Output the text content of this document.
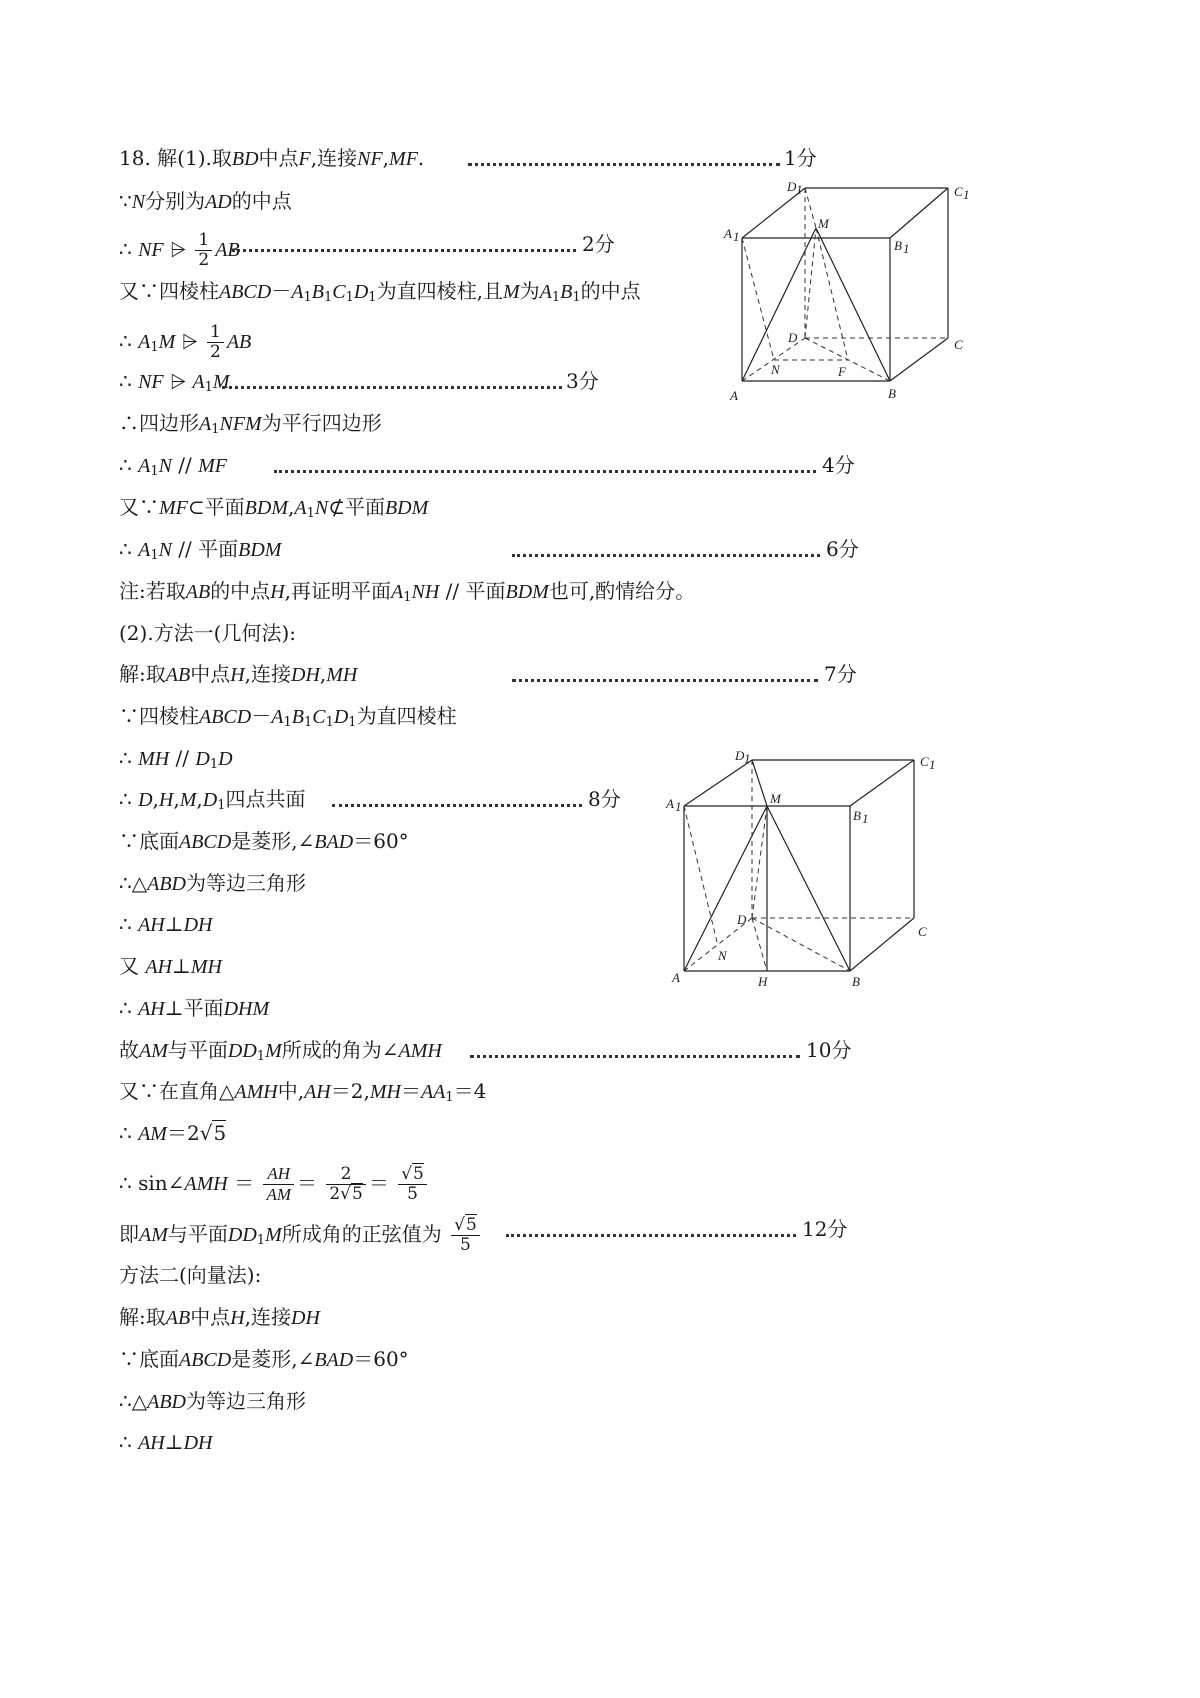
18. 解(1).取BD中点F,连接NF,MF.	1分
∵N分别为AD的中点
∴ NF ⩥ $\frac{1}{2}$ AB	2分
又∵四棱柱$ABCD-A_1B_1C_1D_1$为直四棱柱,且M为$A_1B_1$的中点
∴ $A_1M$ ⩥ $\frac{1}{2}$ AB
∴ NF ⩥ $A_1M$	3分
∴四边形$A_1NFM$为平行四边形
∴ $A_1N$ // MF	4分
又∵MF⊂平面$BDM,A_1N⊄$平面BDM
∴ $A_1N$ // 平面BDM	6分
注:若取AB的中点H,再证明平面$A_1NH$ // 平面BDM也可,酌情给分。
(2).方法一(几何法):
解:取AB中点H,连接DH,MH	7分
∵四棱柱$ABCD-A_1B_1C_1D_1$为直四棱柱
∴ MH // $D_1D$
∴ $D,H,M,D_1$四点共面	8分
∵底面ABCD是菱形,∠BAD＝60°
∴△ABD为等边三角形
∴ AH⊥DH
又 AH⊥MH
∴ AH⊥平面DHM
故AM与平面$DD_1M$所成的角为∠AMH	10分
又∵在直角△AMH中$,AH=2,MH=AA_1=4$
∴ AM＝2√5
∴ sin∠AMH ＝ $\frac{AH}{AM} = \frac{2}{2√5} = \frac{√5}{5}$
即AM与平面$DD_1M$所成角的正弦值为 $\frac{√5}{5}$	12分
方法二(向量法):
解:取AB中点H,连接DH
∵底面ABCD是菱形,∠BAD＝60°
∴△ABD为等边三角形
∴ AH⊥DH
A	B
C
D
A 1
B 1
C 1
D 1
M
N	F
A	B
C
D
A 1
B 1
C 1
D 1
M
N
H
